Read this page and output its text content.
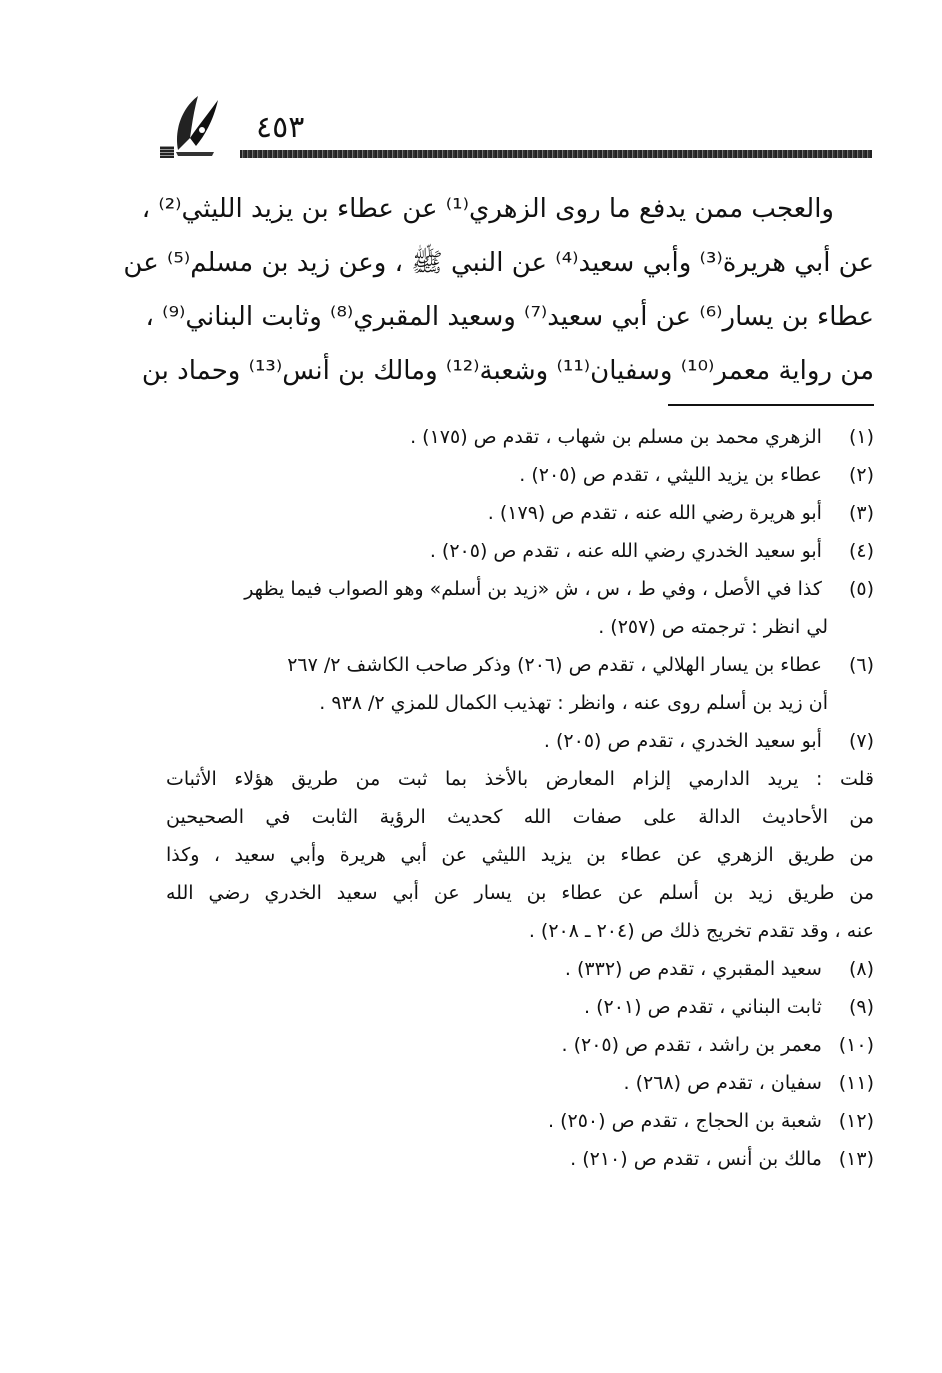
٤٥٣
والعجب ممن يدفع ما روى الزهري⁽¹⁾ عن عطاء بن يزيد الليثي⁽²⁾ ،
عن أبي هريرة⁽³⁾ وأبي سعيد⁽⁴⁾ عن النبي ﷺ ، وعن زيد بن مسلم⁽⁵⁾ عن
عطاء بن يسار⁽⁶⁾ عن أبي سعيد⁽⁷⁾ وسعيد المقبري⁽⁸⁾ وثابت البناني⁽⁹⁾ ،
من رواية معمر⁽¹⁰⁾ وسفيان⁽¹¹⁾ وشعبة⁽¹²⁾ ومالك بن أنس⁽¹³⁾ وحماد بن
(١) الزهري محمد بن مسلم بن شهاب ، تقدم ص (١٧٥) .
(٢) عطاء بن يزيد الليثي ، تقدم ص (٢٠٥) .
(٣) أبو هريرة رضي الله عنه ، تقدم ص (١٧٩) .
(٤) أبو سعيد الخدري رضي الله عنه ، تقدم ص (٢٠٥) .
(٥) كذا في الأصل ، وفي ط ، س ، ش «زيد بن أسلم» وهو الصواب فيما يظهر
لي انظر : ترجمته ص (٢٥٧) .
(٦) عطاء بن يسار الهلالي ، تقدم ص (٢٠٦) وذكر صاحب الكاشف ٢/ ٢٦٧
أن زيد بن أسلم روى عنه ، وانظر : تهذيب الكمال للمزي ٢/ ٩٣٨ .
(٧) أبو سعيد الخدري ، تقدم ص (٢٠٥) .
قلت : يريد الدارمي إلزام المعارض بالأخذ بما ثبت من طريق هؤلاء الأثبات
من الأحاديث الدالة على صفات الله كحديث الرؤية الثابت في الصحيحين
من طريق الزهري عن عطاء بن يزيد الليثي عن أبي هريرة وأبي سعيد ، وكذا
من طريق زيد بن أسلم عن عطاء بن يسار عن أبي سعيد الخدري رضي الله
عنه ، وقد تقدم تخريج ذلك ص (٢٠٤ ـ ٢٠٨) .
(٨) سعيد المقبري ، تقدم ص (٣٣٢) .
(٩) ثابت البناني ، تقدم ص (٢٠١) .
(١٠) معمر بن راشد ، تقدم ص (٢٠٥) .
(١١) سفيان ، تقدم ص (٢٦٨) .
(١٢) شعبة بن الحجاج ، تقدم ص (٢٥٠) .
(١٣) مالك بن أنس ، تقدم ص (٢١٠) .
